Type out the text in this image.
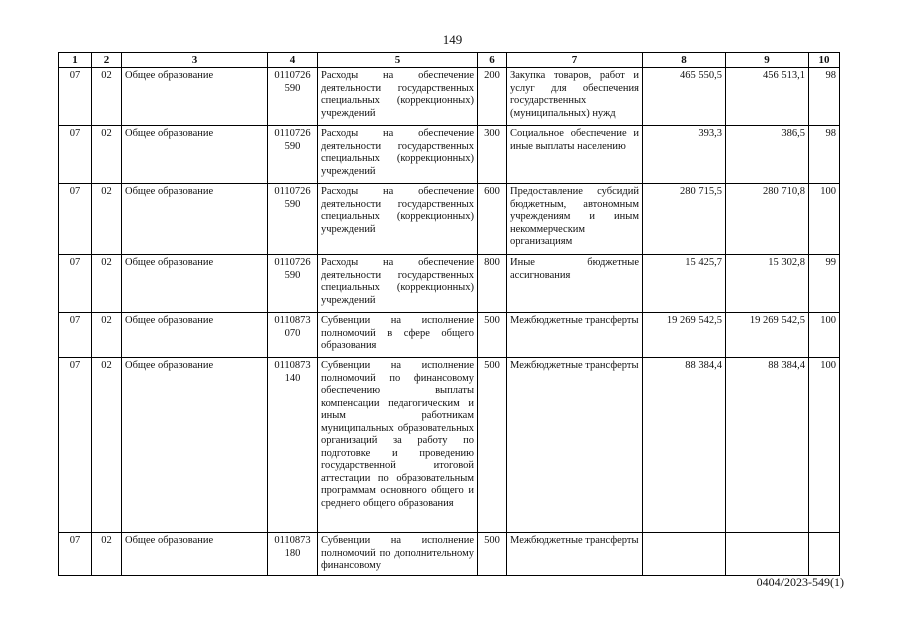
149
1	2	3	4	5	6	7	8	9	10
07	02	Общее образование	0110726 590	Расходы на обеспечение деятельности государственных специальных (коррекционных) учреждений	200	Закупка товаров, работ и услуг для обеспечения государственных (муниципальных) нужд	465 550,5	456 513,1	98
07	02	Общее образование	0110726 590	Расходы на обеспечение деятельности государственных специальных (коррекционных) учреждений	300	Социальное обеспечение и иные выплаты населению	393,3	386,5	98
07	02	Общее образование	0110726 590	Расходы на обеспечение деятельности государственных специальных (коррекционных) учреждений	600	Предоставление субсидий бюджетным, автономным учреждениям и иным некоммерческим организациям	280 715,5	280 710,8	100
07	02	Общее образование	0110726 590	Расходы на обеспечение деятельности государственных специальных (коррекционных) учреждений	800	Иные бюджетные ассигнования	15 425,7	15 302,8	99
07	02	Общее образование	0110873 070	Субвенции на исполнение полномочий в сфере общего образования	500	Межбюджетные трансферты	19 269 542,5	19 269 542,5	100
07	02	Общее образование	0110873 140	Субвенции на исполнение полномочий по финансовому обеспечению выплаты компенсации педагогическим и иным работникам муниципальных образовательных организаций за работу по подготовке и проведению государственной итоговой аттестации по образовательным программам основного общего и среднего общего образования	500	Межбюджетные трансферты	88 384,4	88 384,4	100
07	02	Общее образование	0110873 180	Субвенции на исполнение полномочий по дополнительному финансовому	500	Межбюджетные трансферты			
0404/2023-549(1)
